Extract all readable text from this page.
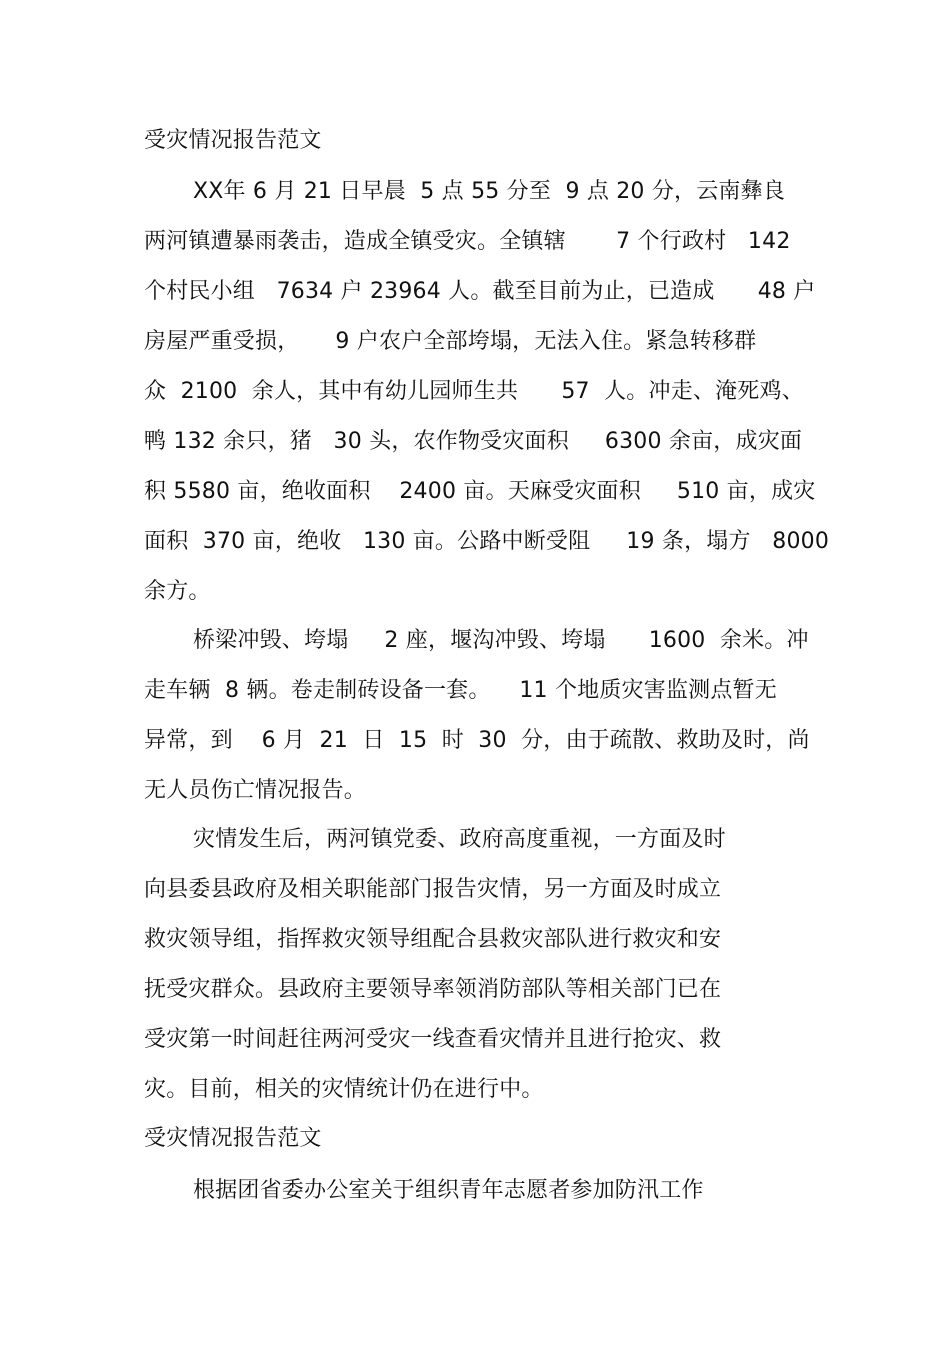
受灾情况报告范文
XX年 6 月 21 日早晨  5 点 55 分至  9 点 20 分，云南彝良
两河镇遭暴雨袭击，造成全镇受灾。全镇辖       7 个行政村   142
个村民小组   7634 户 23964 人。截至目前为止，已造成      48 户
房屋严重受损，     9 户农户全部垮塌，无法入住。紧急转移群
众  2100  余人，其中有幼儿园师生共      57  人。冲走、淹死鸡、
鸭 132 余只，猪   30 头，农作物受灾面积     6300 余亩，成灾面
积 5580 亩，绝收面积    2400 亩。天麻受灾面积     510 亩，成灾
面积  370 亩，绝收   130 亩。公路中断受阻     19 条，塌方   8000
余方。
桥梁冲毁、垮塌     2 座，堰沟冲毁、垮塌      1600  余米。冲
走车辆  8 辆。卷走制砖设备一套。    11 个地质灾害监测点暂无
异常，到    6 月  21  日  15  时  30  分，由于疏散、救助及时，尚
无人员伤亡情况报告。
灾情发生后，两河镇党委、政府高度重视，一方面及时
向县委县政府及相关职能部门报告灾情，另一方面及时成立
救灾领导组，指挥救灾领导组配合县救灾部队进行救灾和安
抚受灾群众。县政府主要领导率领消防部队等相关部门已在
受灾第一时间赶往两河受灾一线查看灾情并且进行抢灾、救
灾。目前，相关的灾情统计仍在进行中。
受灾情况报告范文
根据团省委办公室关于组织青年志愿者参加防汛工作
